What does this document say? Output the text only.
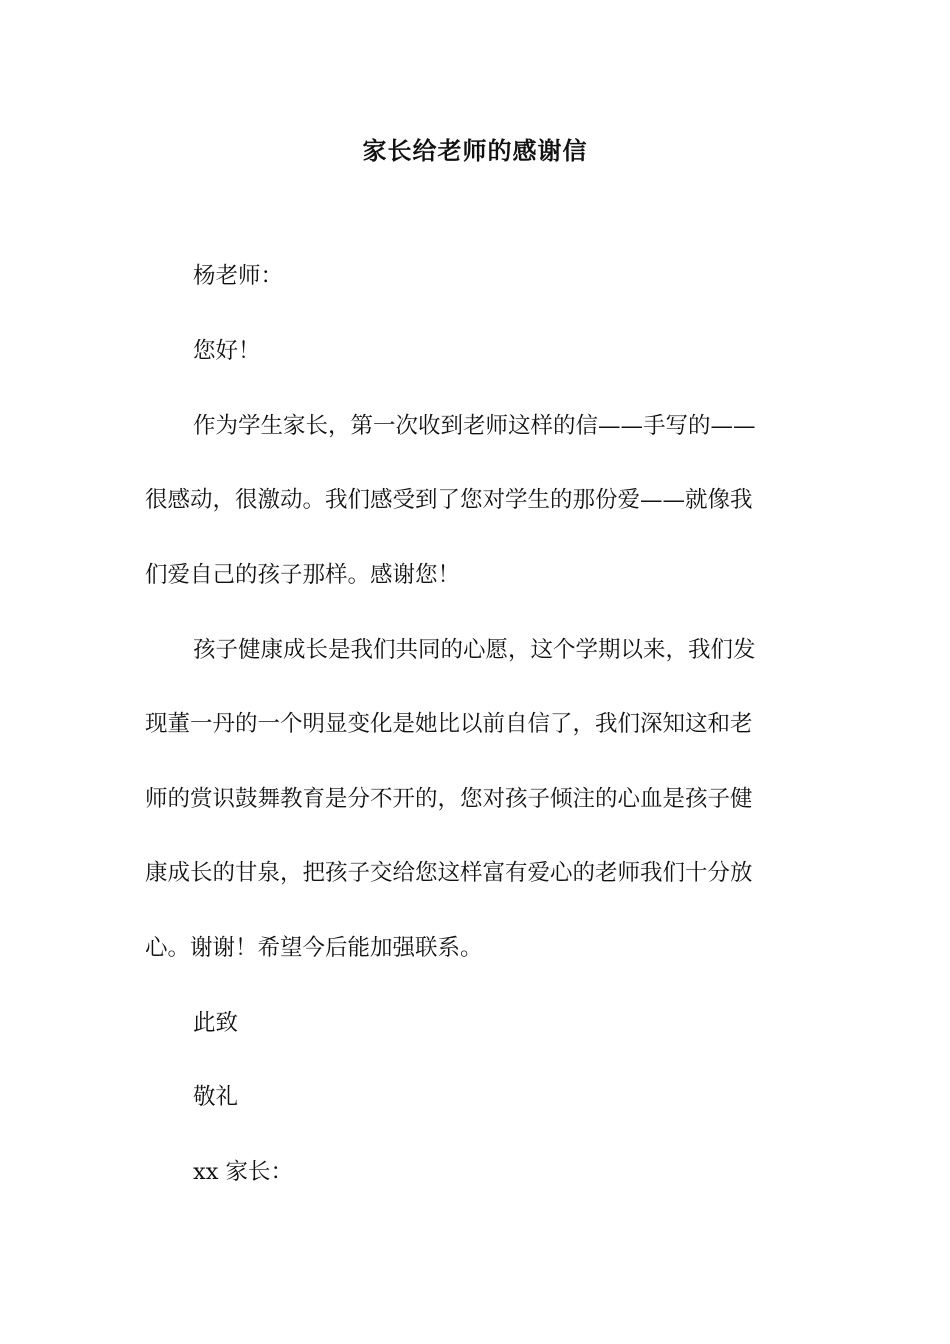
家长给老师的感谢信
杨老师：
您好！
作为学生家长，第一次收到老师这样的信——手写的——
很感动，很激动。我们感受到了您对学生的那份爱——就像我
们爱自己的孩子那样。感谢您！
孩子健康成长是我们共同的心愿，这个学期以来，我们发
现董一丹的一个明显变化是她比以前自信了，我们深知这和老
师的赏识鼓舞教育是分不开的，您对孩子倾注的心血是孩子健
康成长的甘泉，把孩子交给您这样富有爱心的老师我们十分放
心。谢谢！希望今后能加强联系。
此致
敬礼
xx 家长：
